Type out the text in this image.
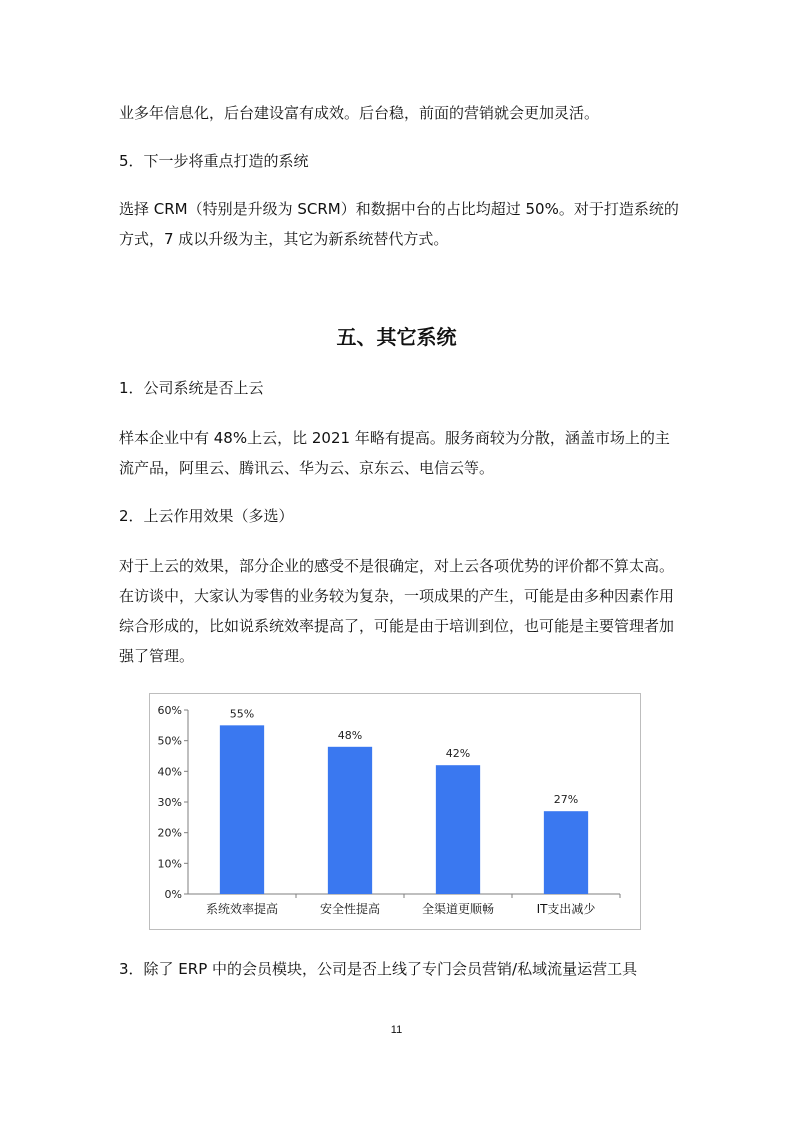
业多年信息化，后台建设富有成效。后台稳，前面的营销就会更加灵活。

5．下一步将重点打造的系统

选择 CRM（特别是升级为 SCRM）和数据中台的占比均超过 50%。对于打造系统的方式，7 成以升级为主，其它为新系统替代方式。

五、其它系统

1．公司系统是否上云

样本企业中有 48%上云，比 2021 年略有提高。服务商较为分散，涵盖市场上的主流产品，阿里云、腾讯云、华为云、京东云、电信云等。

2．上云作用效果（多选）

对于上云的效果，部分企业的感受不是很确定，对上云各项优势的评价都不算太高。在访谈中，大家认为零售的业务较为复杂，一项成果的产生，可能是由多种因素作用综合形成的，比如说系统效率提高了，可能是由于培训到位，也可能是主要管理者加强了管理。

0%
10%
20%
30%
40%
50%
60%	55%
系统效率提高
48%
安全性提高
42%
全渠道更顺畅
27%
IT支出减少

3．除了 ERP 中的会员模块，公司是否上线了专门会员营销/私域流量运营工具

11
